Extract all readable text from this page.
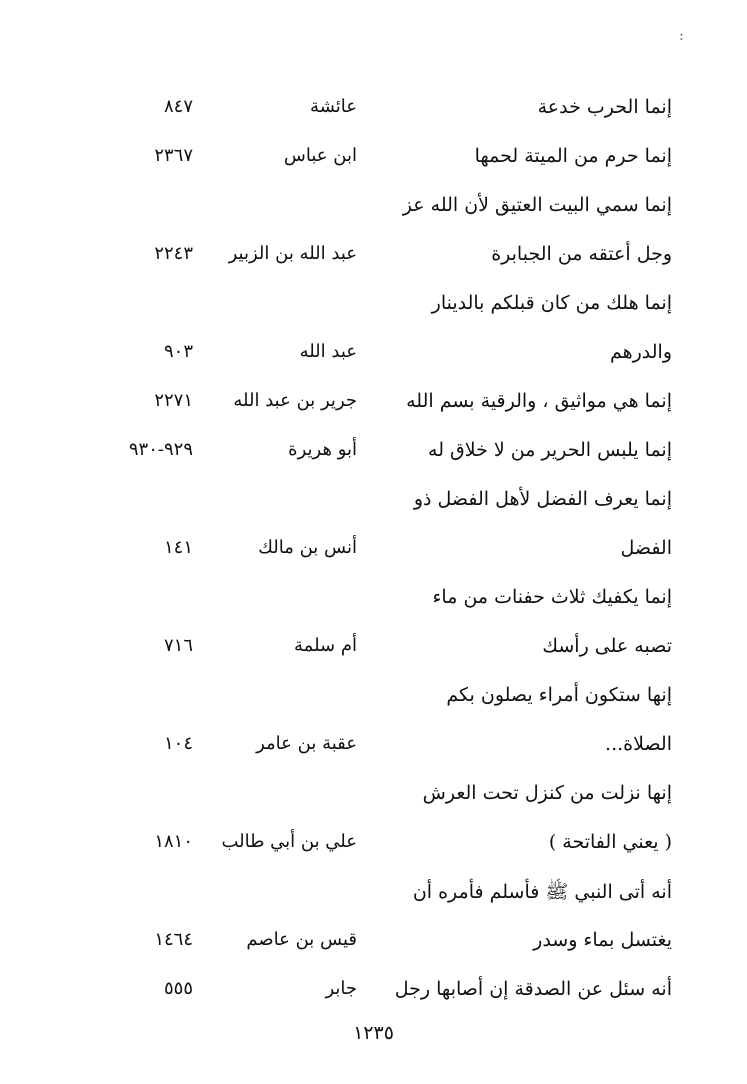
:
إنما الحرب خدعة
عائشة
٨٤٧
إنما حرم من الميتة لحمها
ابن عباس
٢٣٦٧
إنما سمي البيت العتيق لأن الله عز
وجل أعتقه من الجبابرة
عبد الله بن الزبير
٢٢٤٣
إنما هلك من كان قبلكم بالدينار
والدرهم
عبد الله
٩٠٣
إنما هي مواثيق ، والرقية بسم الله
جرير بن عبد الله
٢٢٧١
إنما يلبس الحرير من لا خلاق له
أبو هريرة
٩٢٩-٩٣٠
إنما يعرف الفضل لأهل الفضل ذو
الفضل
أنس بن مالك
١٤١
إنما يكفيك ثلاث حفنات من ماء
تصبه على رأسك
أم سلمة
٧١٦
إنها ستكون أمراء يصلون بكم
الصلاة...
عقبة بن عامر
١٠٤
إنها نزلت من كنزل تحت العرش
( يعني الفاتحة )
علي بن أبي طالب
١٨١٠
أنه أتى النبي ﷺ فأسلم فأمره أن
يغتسل بماء وسدر
قيس بن عاصم
١٤٦٤
أنه سئل عن الصدقة إن أصابها رجل
جابر
٥٥٥
١٢٣٥
